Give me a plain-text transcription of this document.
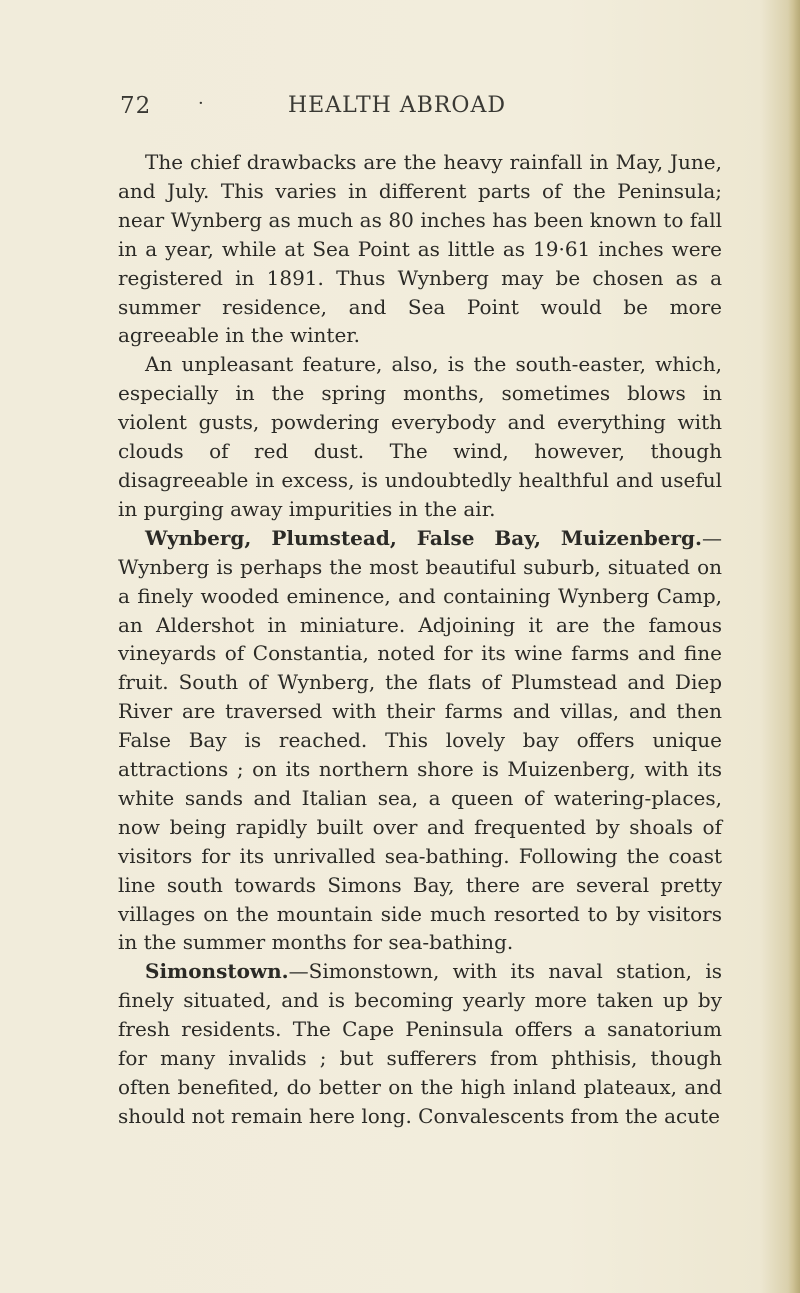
72	·	HEALTH ABROAD

The chief drawbacks are the heavy rainfall in May, June, and July. This varies in different parts of the Peninsula; near Wynberg as much as 80 inches has been known to fall in a year, while at Sea Point as little as 19·61 inches were registered in 1891. Thus Wynberg may be chosen as a summer residence, and Sea Point would be more agreeable in the winter.

An unpleasant feature, also, is the south-easter, which, especially in the spring months, sometimes blows in violent gusts, powdering everybody and everything with clouds of red dust. The wind, however, though disagreeable in excess, is undoubtedly healthful and useful in purging away impurities in the air.

Wynberg, Plumstead, False Bay, Muizenberg.—Wynberg is perhaps the most beautiful suburb, situated on a finely wooded eminence, and containing Wynberg Camp, an Aldershot in miniature. Adjoining it are the famous vineyards of Constantia, noted for its wine farms and fine fruit. South of Wynberg, the flats of Plumstead and Diep River are traversed with their farms and villas, and then False Bay is reached. This lovely bay offers unique attractions ; on its northern shore is Muizenberg, with its white sands and Italian sea, a queen of watering-places, now being rapidly built over and frequented by shoals of visitors for its unrivalled sea-bathing. Following the coast line south towards Simons Bay, there are several pretty villages on the mountain side much resorted to by visitors in the summer months for sea-bathing.

Simonstown.—Simonstown, with its naval station, is finely situated, and is becoming yearly more taken up by fresh residents. The Cape Peninsula offers a sanatorium for many invalids ; but sufferers from phthisis, though often benefited, do better on the high inland plateaux, and should not remain here long. Convalescents from the acute
